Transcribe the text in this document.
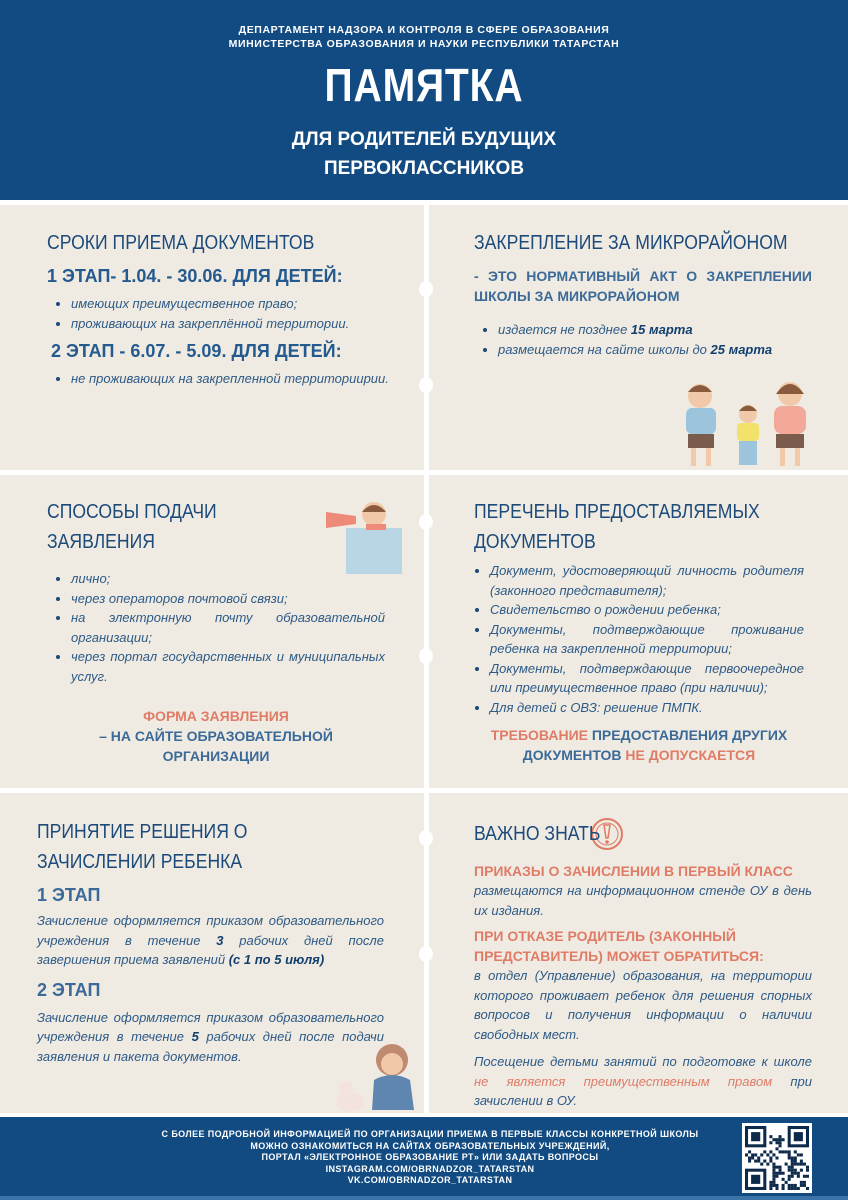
ДЕПАРТАМЕНТ НАДЗОРА И КОНТРОЛЯ В СФЕРЕ ОБРАЗОВАНИЯ
МИНИСТЕРСТВА ОБРАЗОВАНИЯ И НАУКИ РЕСПУБЛИКИ ТАТАРСТАН
ПАМЯТКА
ДЛЯ РОДИТЕЛЕЙ БУДУЩИХ
ПЕРВОКЛАССНИКОВ
СРОКИ ПРИЕМА ДОКУМЕНТОВ
1 ЭТАП- 1.04. - 30.06. ДЛЯ ДЕТЕЙ:
имеющих преимущественное право;
проживающих на закреплённой территории.
2 ЭТАП - 6.07. - 5.09. ДЛЯ ДЕТЕЙ:
не проживающих на закрепленной территориирии.
ЗАКРЕПЛЕНИЕ ЗА МИКРОРАЙОНОМ
- ЭТО НОРМАТИВНЫЙ АКТ О ЗАКРЕПЛЕНИИ ШКОЛЫ ЗА МИКРОРАЙОНОМ
издается не позднее 15 марта
размещается на сайте школы до 25 марта
СПОСОБЫ ПОДАЧИ
ЗАЯВЛЕНИЯ
лично;
через операторов почтовой связи;
на электронную почту образовательной организации;
через портал государственных и муниципальных услуг.
ФОРМА ЗАЯВЛЕНИЯ
– НА САЙТЕ ОБРАЗОВАТЕЛЬНОЙ ОРГАНИЗАЦИИ
ПЕРЕЧЕНЬ ПРЕДОСТАВЛЯЕМЫХ
ДОКУМЕНТОВ
Документ, удостоверяющий личность родителя (законного представителя);
Свидетельство о рождении ребенка;
Документы, подтверждающие проживание ребенка на закрепленной территории;
Документы, подтверждающие первоочередное или преимущественное право (при наличии);
Для детей с ОВЗ: решение ПМПК.
ТРЕБОВАНИЕ ПРЕДОСТАВЛЕНИЯ ДРУГИХ ДОКУМЕНТОВ НЕ ДОПУСКАЕТСЯ
ПРИНЯТИЕ РЕШЕНИЯ О
ЗАЧИСЛЕНИИ РЕБЕНКА
1 ЭТАП

Зачисление оформляется приказом образовательного учреждения в течение 3 рабочих дней после завершения приема заявлений (с 1 по 5 июля)

2 ЭТАП

Зачисление оформляется приказом образовательного учреждения в течение 5 рабочих дней после подачи заявления и пакета документов.

ВАЖНО ЗНАТЬ
ПРИКАЗЫ О ЗАЧИСЛЕНИИ В ПЕРВЫЙ КЛАСС

размещаются на информационном стенде ОУ в день их издания.

ПРИ ОТКАЗЕ РОДИТЕЛЬ (ЗАКОННЫЙ ПРЕДСТАВИТЕЛЬ) МОЖЕТ ОБРАТИТЬСЯ:

в отдел (Управление) образования, на территории которого проживает ребенок для решения спорных вопросов и получения информации о наличии свободных мест.

Посещение детьми занятий по подготовке к школе не является преимущественным правом при зачислении в ОУ.

С БОЛЕЕ ПОДРОБНОЙ ИНФОРМАЦИЕЙ ПО ОРГАНИЗАЦИИ ПРИЕМА В ПЕРВЫЕ КЛАССЫ КОНКРЕТНОЙ ШКОЛЫ
МОЖНО ОЗНАКОМИТЬСЯ НА САЙТАХ ОБРАЗОВАТЕЛЬНЫХ УЧРЕЖДЕНИЙ,
ПОРТАЛ «ЭЛЕКТРОННОЕ ОБРАЗОВАНИЕ РТ» ИЛИ ЗАДАТЬ ВОПРОСЫ
INSTAGRAM.COM/OBRNADZOR_TATARSTAN
VK.COM/OBRNADZOR_TATARSTAN
